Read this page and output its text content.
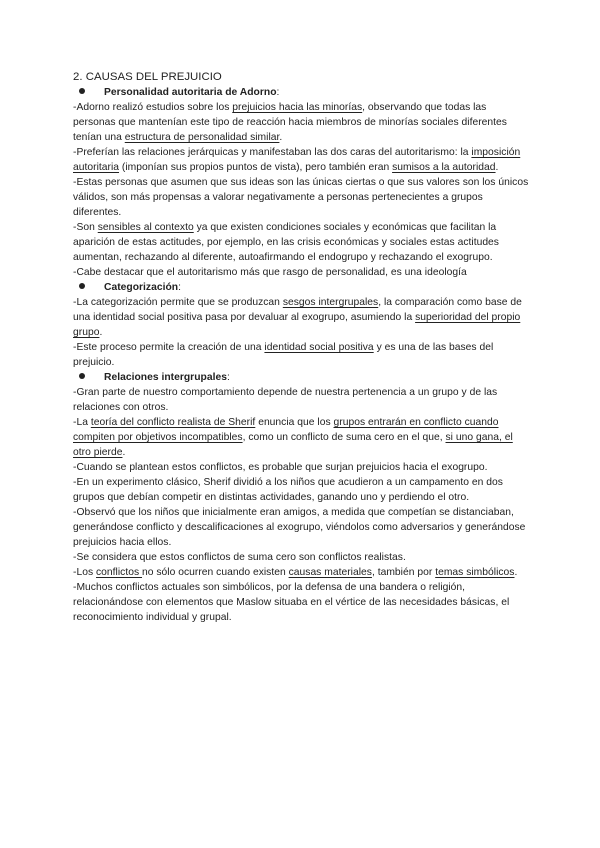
2. CAUSAS DEL PREJUICIO
Personalidad autoritaria de Adorno :

-Adorno realizó estudios sobre los prejuicios hacia las minorías, observando que todas las personas que mantenían este tipo de reacción hacia miembros de minorías sociales diferentes tenían una estructura de personalidad similar.

-Preferían las relaciones jerárquicas y manifestaban las dos caras del autoritarismo: la imposición autoritaria (imponían sus propios puntos de vista), pero también eran sumisos a la autoridad.

-Estas personas que asumen que sus ideas son las únicas ciertas o que sus valores son los únicos válidos, son más propensas a valorar negativamente a personas pertenecientes a grupos diferentes.

-Son sensibles al contexto ya que existen condiciones sociales y económicas que facilitan la aparición de estas actitudes, por ejemplo, en las crisis económicas y sociales estas actitudes aumentan, rechazando al diferente, autoafirmando el endogrupo y rechazando el exogrupo.

-Cabe destacar que el autoritarismo más que rasgo de personalidad, es una ideología

Categorización :

-La categorización permite que se produzcan sesgos intergrupales, la comparación como base de una identidad social positiva pasa por devaluar al exogrupo, asumiendo la superioridad del propio grupo.

-Este proceso permite la creación de una identidad social positiva y es una de las bases del prejuicio.

Relaciones intergrupales :

-Gran parte de nuestro comportamiento depende de nuestra pertenencia a un grupo y de las relaciones con otros.

-La teoría del conflicto realista de Sherif enuncia que los grupos entrarán en conflicto cuando compiten por objetivos incompatibles, como un conflicto de suma cero en el que, si uno gana, el otro pierde.

-Cuando se plantean estos conflictos, es probable que surjan prejuicios hacia el exogrupo.

-En un experimento clásico, Sherif dividió a los niños que acudieron a un campamento en dos grupos que debían competir en distintas actividades, ganando uno y perdiendo el otro.

-Observó que los niños que inicialmente eran amigos, a medida que competían se distanciaban, generándose conflicto y descalificaciones al exogrupo, viéndolos como adversarios y generándose prejuicios hacia ellos.

-Se considera que estos conflictos de suma cero son conflictos realistas.

-Los conflictos no sólo ocurren cuando existen causas materiales, también por temas simbólicos.

-Muchos conflictos actuales son simbólicos, por la defensa de una bandera o religión, relacionándose con elementos que Maslow situaba en el vértice de las necesidades básicas, el reconocimiento individual y grupal.
